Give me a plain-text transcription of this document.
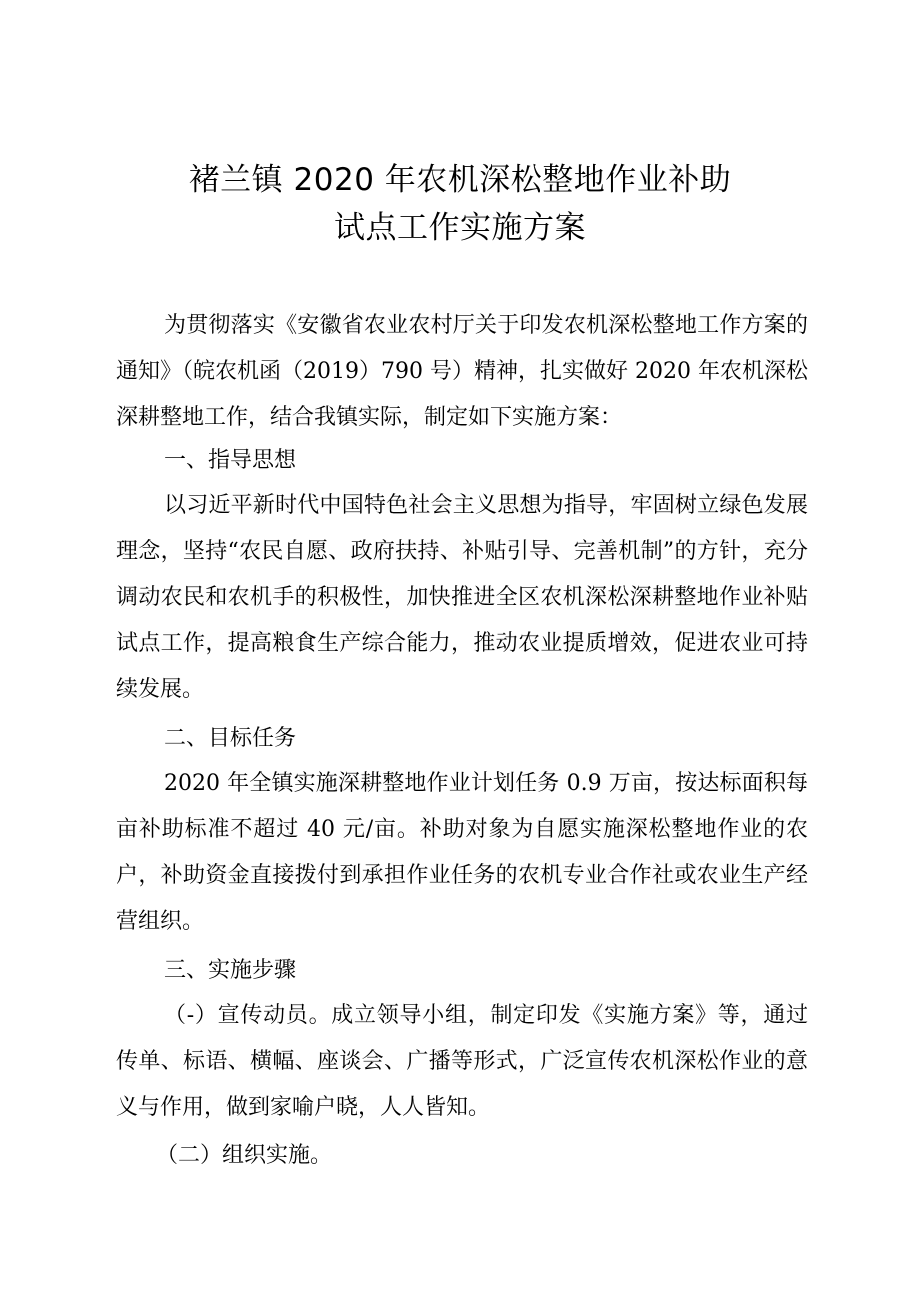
褚兰镇 2020 年农机深松整地作业补助
试点工作实施方案

为贯彻落实《安徽省农业农村厅关于印发农机深松整地工作方案的通知》（皖农机函（2019）790 号）精神，扎实做好 2020 年农机深松深耕整地工作，结合我镇实际，制定如下实施方案：

一、指导思想

以习近平新时代中国特色社会主义思想为指导，牢固树立绿色发展理念，坚持“农民自愿、政府扶持、补贴引导、完善机制”的方针，充分调动农民和农机手的积极性，加快推进全区农机深松深耕整地作业补贴试点工作，提高粮食生产综合能力，推动农业提质增效，促进农业可持续发展。

二、目标任务

2020 年全镇实施深耕整地作业计划任务 0.9 万亩，按达标面积每亩补助标准不超过 40 元/亩。补助对象为自愿实施深松整地作业的农户，补助资金直接拨付到承担作业任务的农机专业合作社或农业生产经营组织。

三、实施步骤

（-）宣传动员。成立领导小组，制定印发《实施方案》等，通过传单、标语、横幅、座谈会、广播等形式，广泛宣传农机深松作业的意义与作用，做到家喻户晓，人人皆知。

（二）组织实施。
